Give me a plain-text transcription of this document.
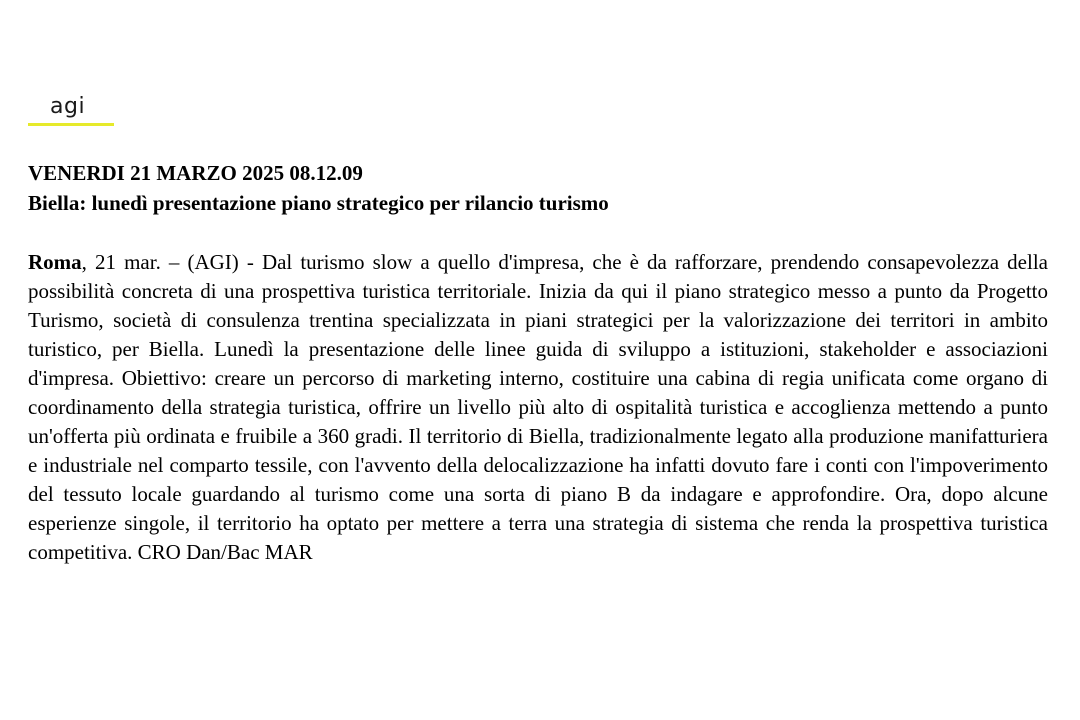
agi

VENERDI 21 MARZO 2025 08.12.09

Biella: lunedì presentazione piano strategico per rilancio turismo

Roma, 21 mar. – (AGI) - Dal turismo slow a quello d'impresa, che è da rafforzare, prendendo consapevolezza della possibilità concreta di una prospettiva turistica territoriale. Inizia da qui il piano strategico messo a punto da Progetto Turismo, società di consulenza trentina specializzata in piani strategici per la valorizzazione dei territori in ambito turistico, per Biella. Lunedì la presentazione delle linee guida di sviluppo a istituzioni, stakeholder e associazioni d'impresa. Obiettivo: creare un percorso di marketing interno, costituire una cabina di regia unificata come organo di coordinamento della strategia turistica, offrire un livello più alto di ospitalità turistica e accoglienza mettendo a punto un'offerta più ordinata e fruibile a 360 gradi. Il territorio di Biella, tradizionalmente legato alla produzione manifatturiera e industriale nel comparto tessile, con l'avvento della delocalizzazione ha infatti dovuto fare i conti con l'impoverimento del tessuto locale guardando al turismo come una sorta di piano B da indagare e approfondire. Ora, dopo alcune esperienze singole, il territorio ha optato per mettere a terra una strategia di sistema che renda la prospettiva turistica competitiva. CRO Dan/Bac MAR
